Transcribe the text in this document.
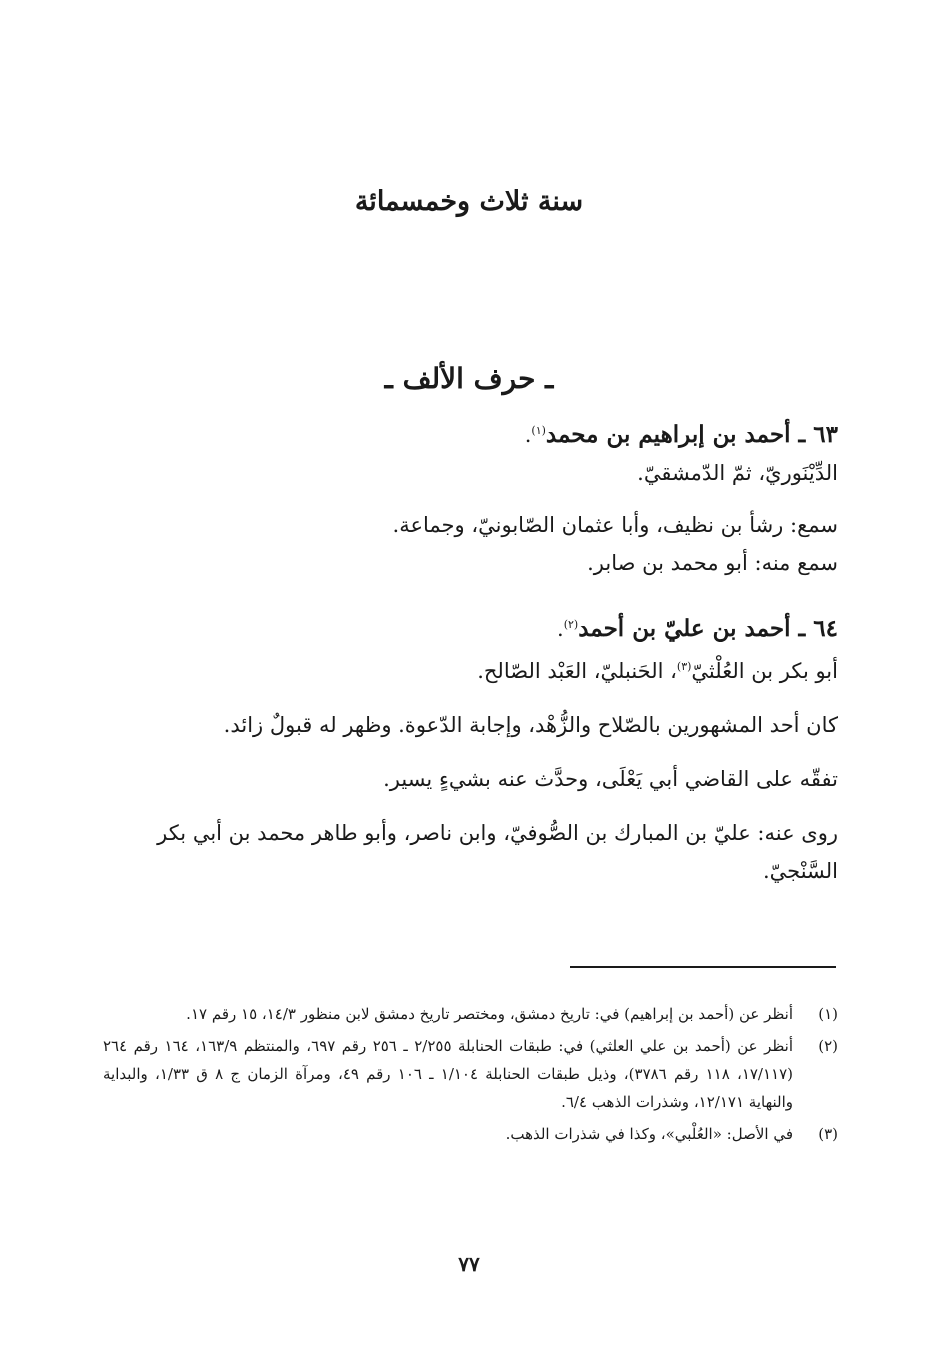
سنة ثلاث وخمسمائة
ـ حرف الألف ـ
٦٣ ـ أحمد بن إبراهيم بن محمد$^{(١)}$.
الدِّيْنَوريّ، ثمّ الدّمشقيّ.
سمع: رشأ بن نظيف، وأبا عثمان الصّابونيّ، وجماعة.
سمع منه: أبو محمد بن صابر.
٦٤ ـ أحمد بن عليّ بن أحمد$^{(٢)}$.
أبو بكر بن العُلْثيّ$^{(٣)}$، الحَنبليّ، العَبْد الصّالح.
كان أحد المشهورين بالصّلاح والزُّهْد، وإجابة الدّعوة. وظهر له قبولٌ زائد.
تفقّه على القاضي أبي يَعْلَى، وحدَّث عنه بشيءٍ يسير.
روى عنه: عليّ بن المبارك بن الصُّوفيّ، وابن ناصر، وأبو طاهر محمد بن أبي بكر السَّنْجيّ.
(١)
أنظر عن (أحمد بن إبراهيم) في: تاريخ دمشق، ومختصر تاريخ دمشق لابن منظور ١٤/٣، ١٥ رقم ١٧.
(٢)
أنظر عن (أحمد بن علي العلثي) في: طبقات الحنابلة ٢/٢٥٥ ـ ٢٥٦ رقم ٦٩٧، والمنتظم ١٦٣/٩، ١٦٤ رقم ٢٦٤ (١٧/١١٧، ١١٨ رقم ٣٧٨٦)، وذيل طبقات الحنابلة ١/١٠٤ ـ ١٠٦ رقم ٤٩، ومرآة الزمان ج ٨ ق ١/٣٣، والبداية والنهاية ١٢/١٧١، وشذرات الذهب ٦/٤.
(٣)
في الأصل: «العُلْبي»، وكذا في شذرات الذهب.
٧٧
